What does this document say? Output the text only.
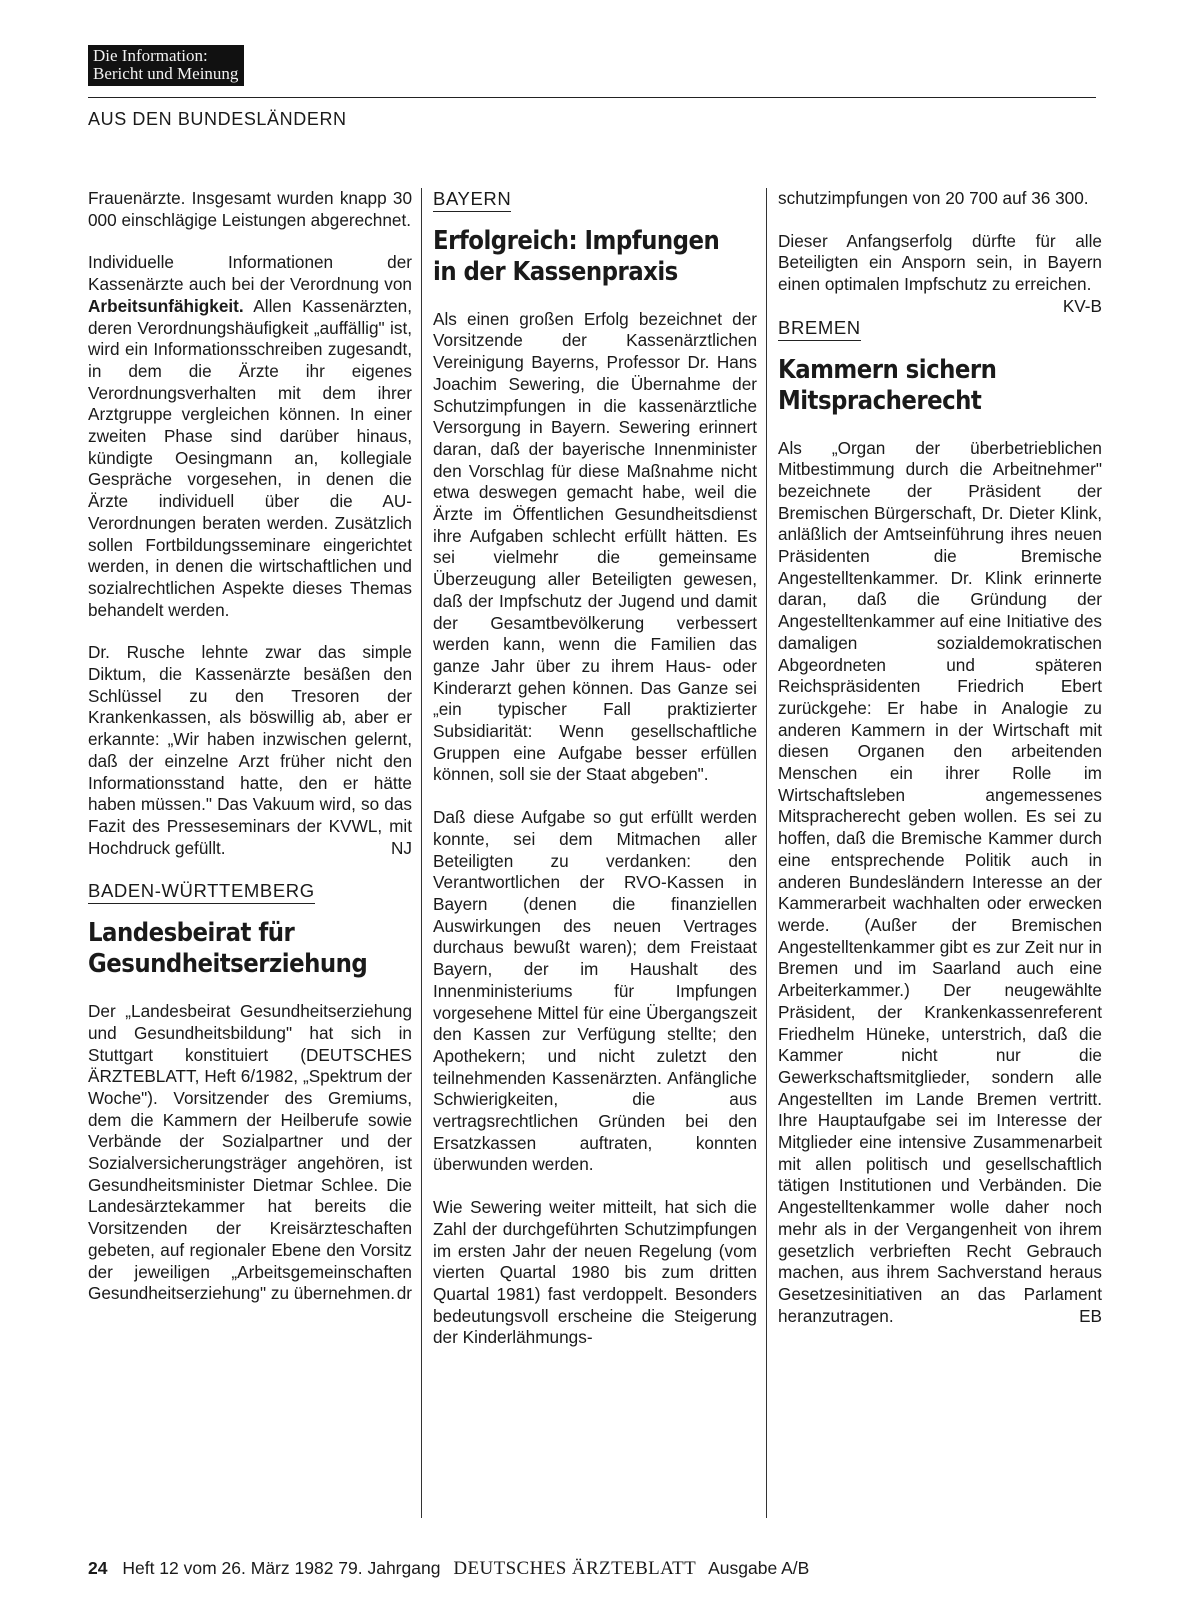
Die Information:
Bericht und Meinung
AUS DEN BUNDESLÄNDERN

Frauenärzte. Insgesamt wurden knapp 30 000 einschlägige Leistungen abgerechnet.

Individuelle Informationen der Kassenärzte auch bei der Verordnung von Arbeitsunfähigkeit. Allen Kassenärzten, deren Verordnungshäufigkeit „auffällig" ist, wird ein Informationsschreiben zugesandt, in dem die Ärzte ihr eigenes Verordnungsverhalten mit dem ihrer Arztgruppe vergleichen können. In einer zweiten Phase sind darüber hinaus, kündigte Oesingmann an, kollegiale Gespräche vorgesehen, in denen die Ärzte individuell über die AU-Verordnungen beraten werden. Zusätzlich sollen Fortbildungsseminare eingerichtet werden, in denen die wirtschaftlichen und sozialrechtlichen Aspekte dieses Themas behandelt werden.

Dr. Rusche lehnte zwar das simple Diktum, die Kassenärzte besäßen den Schlüssel zu den Tresoren der Krankenkassen, als böswillig ab, aber er erkannte: „Wir haben inzwischen gelernt, daß der einzelne Arzt früher nicht den Informationsstand hatte, den er hätte haben müssen." Das Vakuum wird, so das Fazit des Presseseminars der KVWL, mit Hochdruck gefüllt.	NJ

BADEN-WÜRTTEMBERG
Landesbeirat für
Gesundheitserziehung

Der „Landesbeirat Gesundheitserziehung und Gesundheitsbildung" hat sich in Stuttgart konstituiert (DEUTSCHES ÄRZTEBLATT, Heft 6/1982, „Spektrum der Woche"). Vorsitzender des Gremiums, dem die Kammern der Heilberufe sowie Verbände der Sozialpartner und der Sozialversicherungsträger angehören, ist Gesundheitsminister Dietmar Schlee. Die Landesärztekammer hat bereits die Vorsitzenden der Kreisärzteschaften gebeten, auf regionaler Ebene den Vorsitz der jeweiligen „Arbeitsgemeinschaften Gesundheitserziehung" zu übernehmen. dr

BAYERN
Erfolgreich: Impfungen
in der Kassenpraxis

Als einen großen Erfolg bezeichnet der Vorsitzende der Kassenärztlichen Vereinigung Bayerns, Professor Dr. Hans Joachim Sewering, die Übernahme der Schutzimpfungen in die kassenärztliche Versorgung in Bayern. Sewering erinnert daran, daß der bayerische Innenminister den Vorschlag für diese Maßnahme nicht etwa deswegen gemacht habe, weil die Ärzte im Öffentlichen Gesundheitsdienst ihre Aufgaben schlecht erfüllt hätten. Es sei vielmehr die gemeinsame Überzeugung aller Beteiligten gewesen, daß der Impfschutz der Jugend und damit der Gesamtbevölkerung verbessert werden kann, wenn die Familien das ganze Jahr über zu ihrem Haus- oder Kinderarzt gehen können. Das Ganze sei „ein typischer Fall praktizierter Subsidiarität: Wenn gesellschaftliche Gruppen eine Aufgabe besser erfüllen können, soll sie der Staat abgeben".

Daß diese Aufgabe so gut erfüllt werden konnte, sei dem Mitmachen aller Beteiligten zu verdanken: den Verantwortlichen der RVO-Kassen in Bayern (denen die finanziellen Auswirkungen des neuen Vertrages durchaus bewußt waren); dem Freistaat Bayern, der im Haushalt des Innenministeriums für Impfungen vorgesehene Mittel für eine Übergangszeit den Kassen zur Verfügung stellte; den Apothekern; und nicht zuletzt den teilnehmenden Kassenärzten. Anfängliche Schwierigkeiten, die aus vertragsrechtlichen Gründen bei den Ersatzkassen auftraten, konnten überwunden werden.

Wie Sewering weiter mitteilt, hat sich die Zahl der durchgeführten Schutzimpfungen im ersten Jahr der neuen Regelung (vom vierten Quartal 1980 bis zum dritten Quartal 1981) fast verdoppelt. Besonders bedeutungsvoll erscheine die Steigerung der Kinderlähmungs-

schutzimpfungen von 20 700 auf 36 300.

Dieser Anfangserfolg dürfte für alle Beteiligten ein Ansporn sein, in Bayern einen optimalen Impfschutz zu erreichen.
KV-B

BREMEN
Kammern sichern
Mitspracherecht

Als „Organ der überbetrieblichen Mitbestimmung durch die Arbeitnehmer" bezeichnete der Präsident der Bremischen Bürgerschaft, Dr. Dieter Klink, anläßlich der Amtseinführung ihres neuen Präsidenten die Bremische Angestelltenkammer. Dr. Klink erinnerte daran, daß die Gründung der Angestelltenkammer auf eine Initiative des damaligen sozialdemokratischen Abgeordneten und späteren Reichspräsidenten Friedrich Ebert zurückgehe: Er habe in Analogie zu anderen Kammern in der Wirtschaft mit diesen Organen den arbeitenden Menschen ein ihrer Rolle im Wirtschaftsleben angemessenes Mitspracherecht geben wollen. Es sei zu hoffen, daß die Bremische Kammer durch eine entsprechende Politik auch in anderen Bundesländern Interesse an der Kammerarbeit wachhalten oder erwecken werde. (Außer der Bremischen Angestelltenkammer gibt es zur Zeit nur in Bremen und im Saarland auch eine Arbeiterkammer.) Der neugewählte Präsident, der Krankenkassenreferent Friedhelm Hüneke, unterstrich, daß die Kammer nicht nur die Gewerkschaftsmitglieder, sondern alle Angestellten im Lande Bremen vertritt. Ihre Hauptaufgabe sei im Interesse der Mitglieder eine intensive Zusammenarbeit mit allen politisch und gesellschaftlich tätigen Institutionen und Verbänden. Die Angestelltenkammer wolle daher noch mehr als in der Vergangenheit von ihrem gesetzlich verbrieften Recht Gebrauch machen, aus ihrem Sachverstand heraus Gesetzesinitiativen an das Parlament heranzutragen.	EB

24 Heft 12 vom 26. März 1982 79. Jahrgang DEUTSCHES ÄRZTEBLATT Ausgabe A/B
